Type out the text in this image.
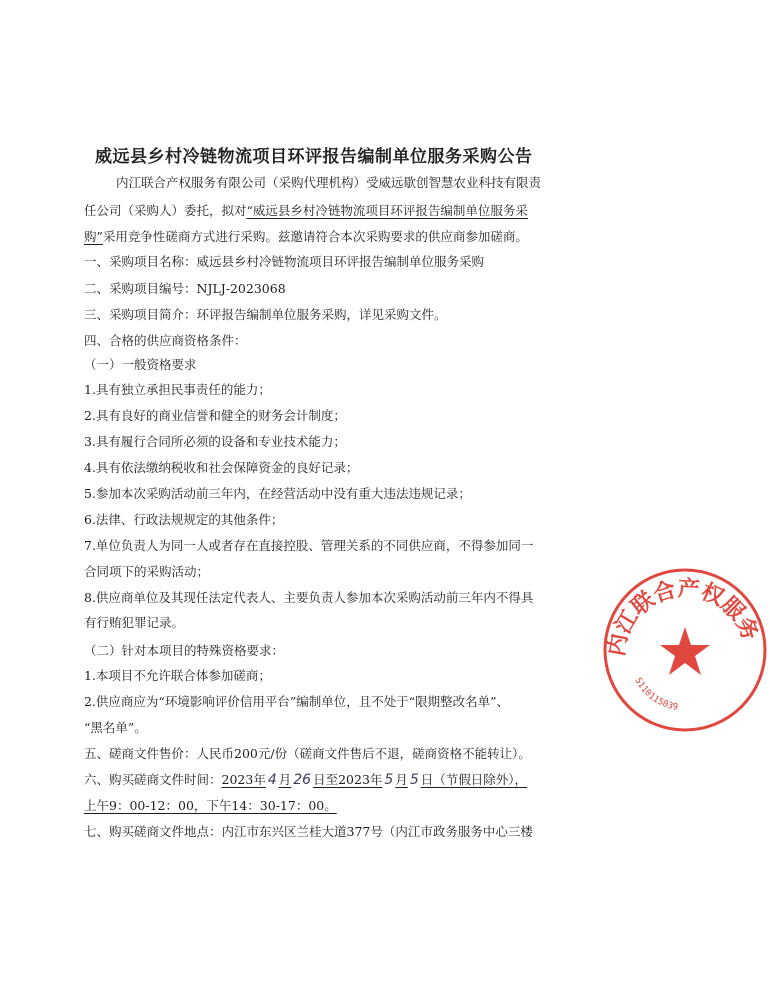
威远县乡村冷链物流项目环评报告编制单位服务采购公告
内江联合产权服务有限公司（采购代理机构）受威远歇创智慧农业科技有限责
任公司（采购人）委托，拟对“威远县乡村冷链物流项目环评报告编制单位服务采
购”采用竞争性磋商方式进行采购。兹邀请符合本次采购要求的供应商参加磋商。
一、采购项目名称：威远县乡村冷链物流项目环评报告编制单位服务采购
二、采购项目编号：NJLJ-2023068
三、采购项目简介：环评报告编制单位服务采购，详见采购文件。
四、合格的供应商资格条件：
（一）一般资格要求
1.具有独立承担民事责任的能力；
2.具有良好的商业信誉和健全的财务会计制度；
3.具有履行合同所必须的设备和专业技术能力；
4.具有依法缴纳税收和社会保障资金的良好记录；
5.参加本次采购活动前三年内，在经营活动中没有重大违法违规记录；
6.法律、行政法规规定的其他条件；
7.单位负责人为同一人或者存在直接控股、管理关系的不同供应商，不得参加同一
合同项下的采购活动；
8.供应商单位及其现任法定代表人、主要负责人参加本次采购活动前三年内不得具
有行贿犯罪记录。
（二）针对本项目的特殊资格要求：
1.本项目不允许联合体参加磋商；
2.供应商应为“环境影响评价信用平台”编制单位，且不处于“限期整改名单”、
“黑名单”。
五、磋商文件售价：人民币200元/份（磋商文件售后不退，磋商资格不能转让）。
六、购买磋商文件时间：2023年 4 月 26 日至2023年 5 月 5 日（节假日除外），
上午9：00-12：00，下午14：30-17：00。
七、购买磋商文件地点：内江市东兴区兰桂大道377号（内江市政务服务中心三楼
内江联合产权服务
5110115039
